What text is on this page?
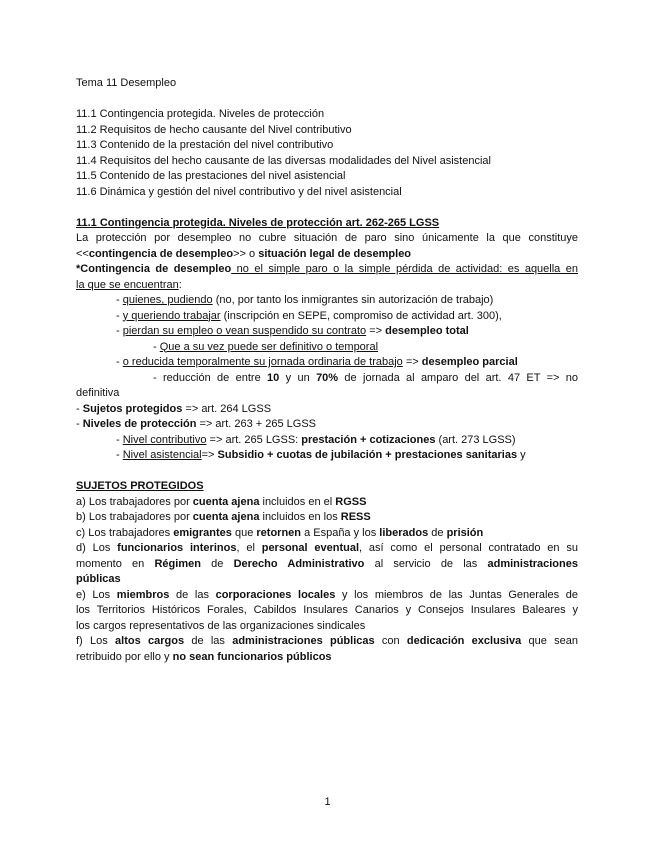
Tema 11 Desempleo
11.1 Contingencia protegida. Niveles de protección
11.2 Requisitos de hecho causante del Nivel contributivo
11.3 Contenido de la prestación del nivel contributivo
11.4 Requisitos del hecho causante de las diversas modalidades del Nivel asistencial
11.5 Contenido de las prestaciones del nivel asistencial
11.6 Dinámica y gestión del nivel contributivo y del nivel asistencial
11.1 Contingencia protegida. Niveles de protección art. 262-265 LGSS
La protección por desempleo no cubre situación de paro sino únicamente la que constituye
<<contingencia de desempleo>> o situación legal de desempleo
*Contingencia de desempleo no el simple paro o la simple pérdida de actividad: es aquella en
la que se encuentran:
- quienes, pudiendo (no, por tanto los inmigrantes sin autorización de trabajo)
- y queriendo trabajar (inscripción en SEPE, compromiso de actividad art. 300),
- pierdan su empleo o vean suspendido su contrato => desempleo total
- Que a su vez puede ser definitivo o temporal
- o reducida temporalmente su jornada ordinaria de trabajo => desempleo parcial
- reducción de entre 10 y un 70% de jornada al amparo del art. 47 ET => no
definitiva
- Sujetos protegidos => art. 264 LGSS
- Niveles de protección => art. 263 + 265 LGSS
- Nivel contributivo => art. 265 LGSS: prestación + cotizaciones (art. 273 LGSS)
- Nivel asistencial=> Subsidio + cuotas de jubilación + prestaciones sanitarias y
SUJETOS PROTEGIDOS
a) Los trabajadores por cuenta ajena incluidos en el RGSS
b) Los trabajadores por cuenta ajena incluidos en los RESS
c) Los trabajadores emigrantes que retornen a España y los liberados de prisión
d) Los funcionarios interinos, el personal eventual, así como el personal contratado en su
momento en Régimen de Derecho Administrativo al servicio de las administraciones
públicas
e) Los miembros de las corporaciones locales y los miembros de las Juntas Generales de
los Territorios Históricos Forales, Cabildos Insulares Canarios y Consejos Insulares Baleares y
los cargos representativos de las organizaciones sindicales
f) Los altos cargos de las administraciones públicas con dedicación exclusiva que sean
retribuido por ello y no sean funcionarios públicos
1
